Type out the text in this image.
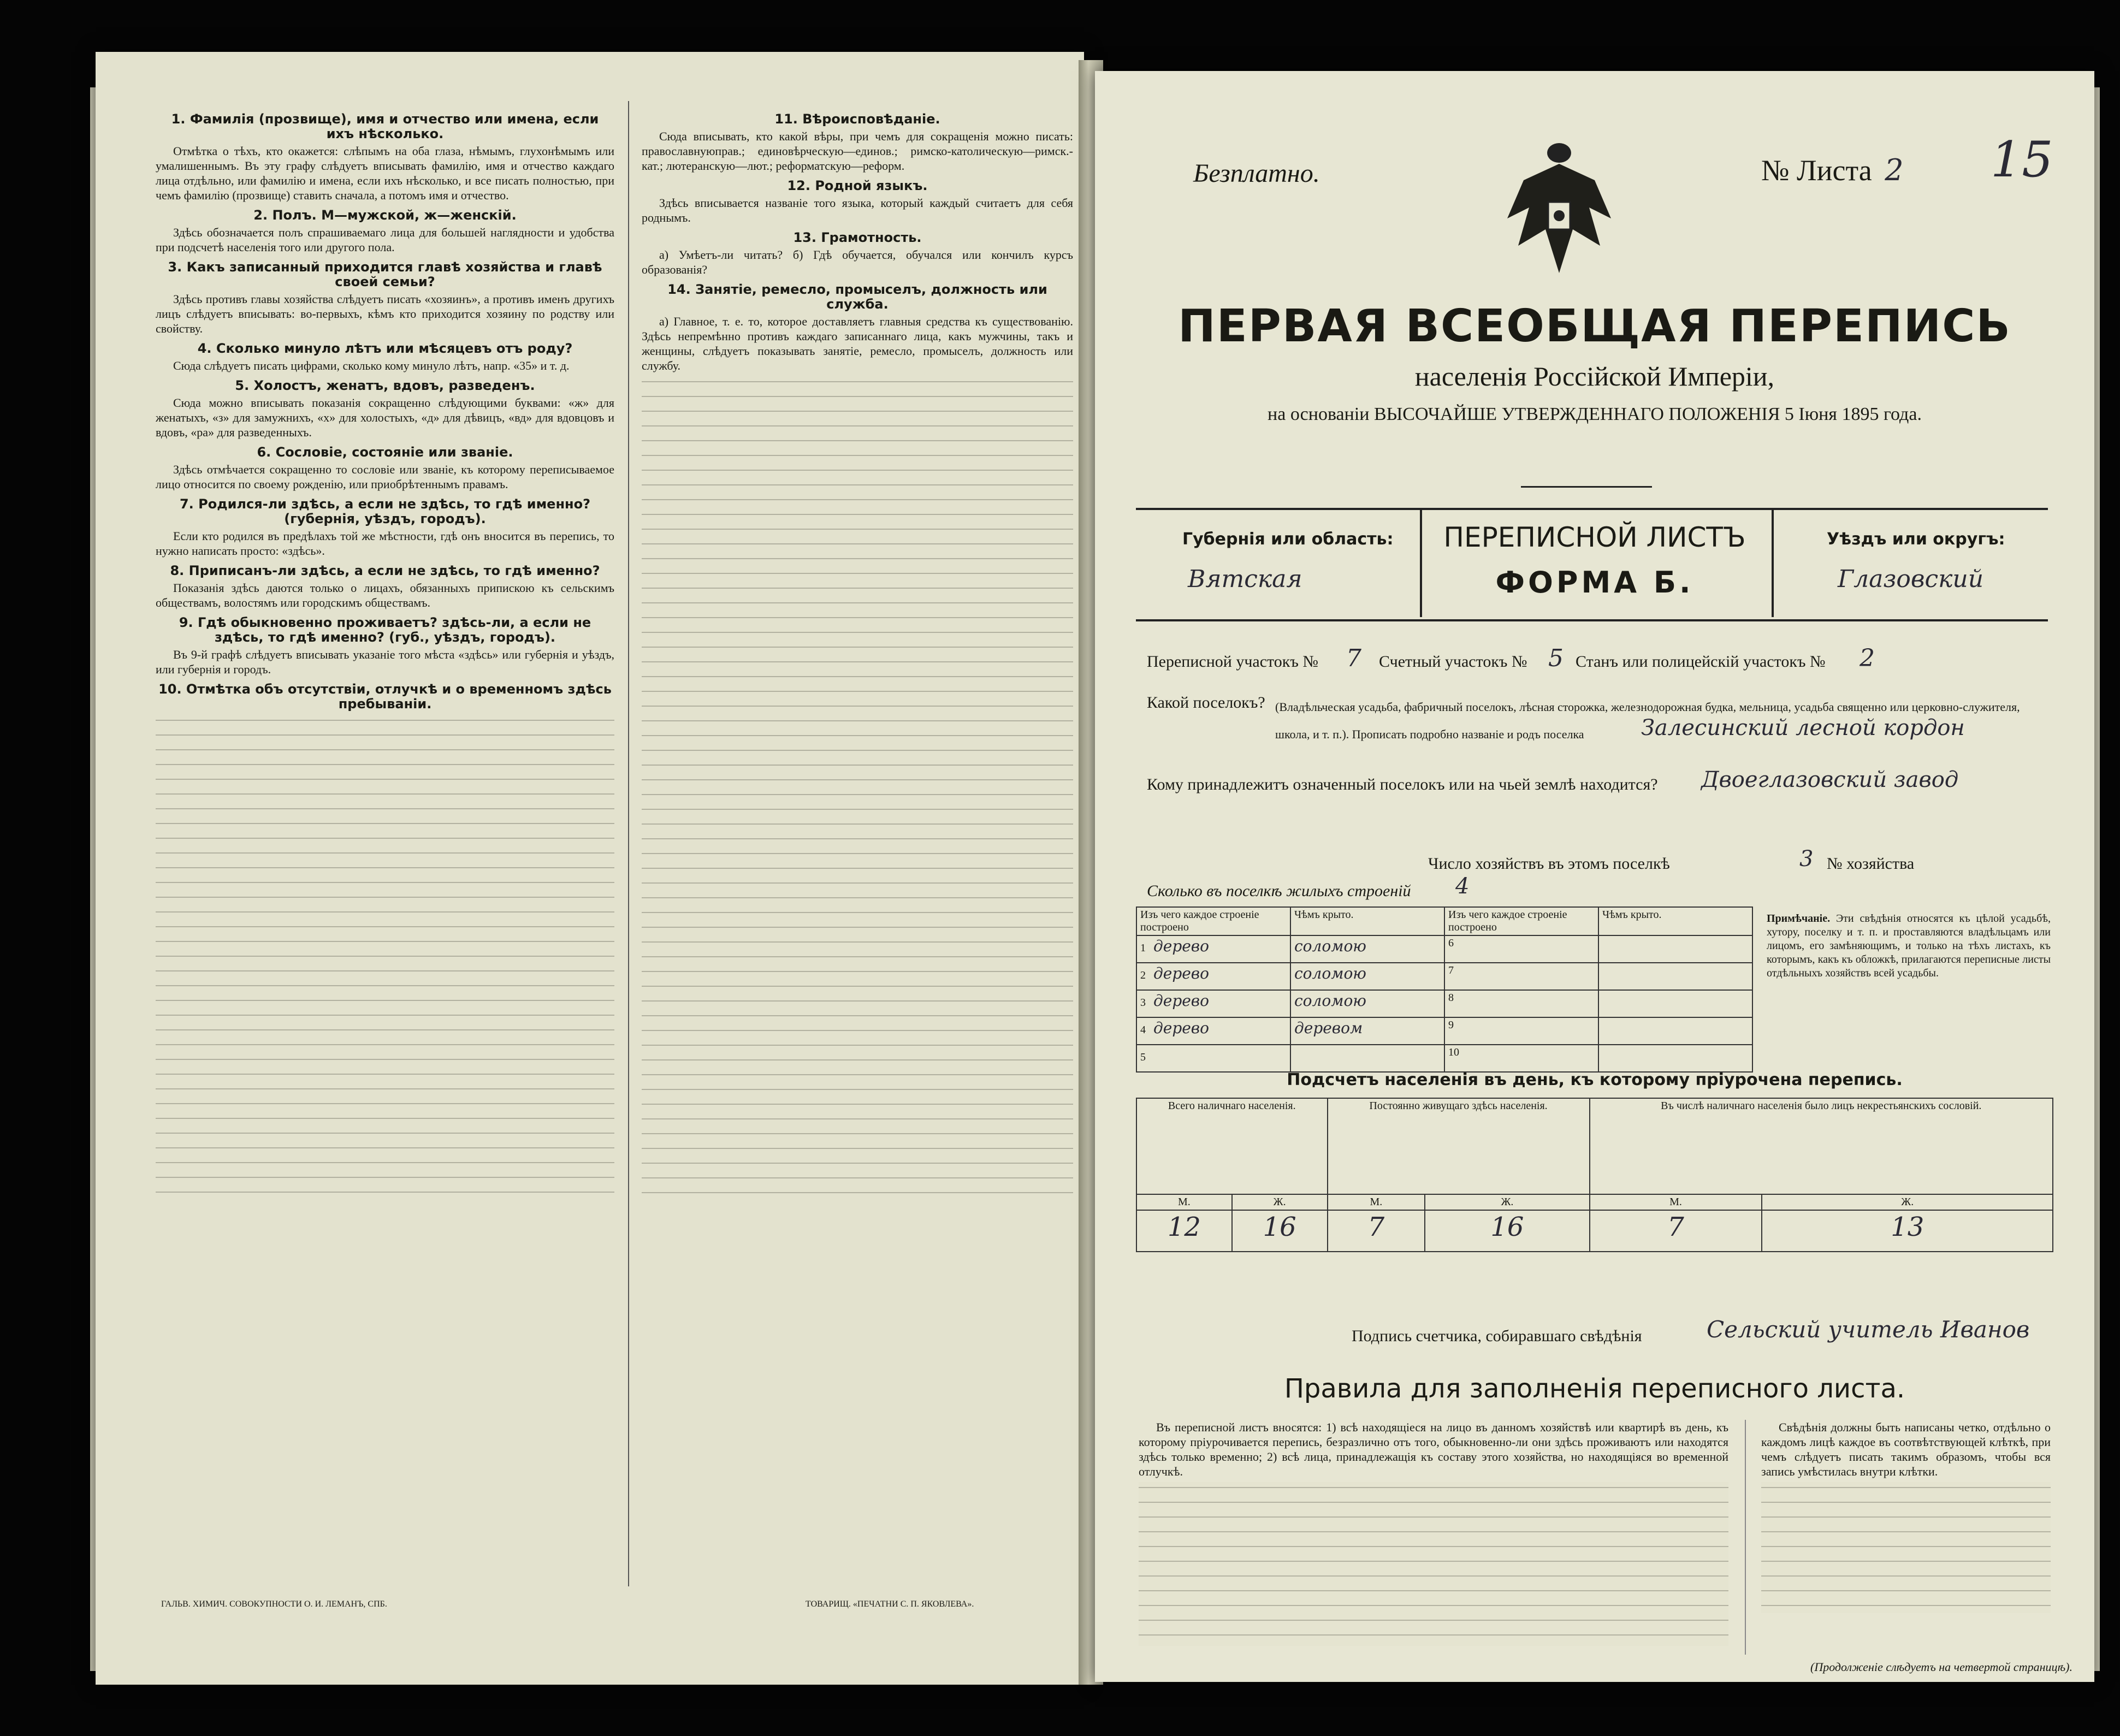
1. Фамилія (прозвище), имя и отчество или имена, если ихъ нѣсколько.

Отмѣтка о тѣхъ, кто окажется: слѣпымъ на оба глаза, нѣмымъ, глухонѣмымъ или умалишеннымъ. Въ эту графу слѣдуетъ вписывать фамилію, имя и отчество каждаго лица отдѣльно, или фамилію и имена, если ихъ нѣсколько, и все писать полностью, при чемъ фамилію (прозвище) ставить сначала, а потомъ имя и отчество.

2. Полъ. М—мужской, ж—женскій.

Здѣсь обозначается полъ спрашиваемаго лица для большей наглядности и удобства при подсчетѣ населенія того или другого пола.

3. Какъ записанный приходится главѣ хозяйства и главѣ своей семьи?

Здѣсь противъ главы хозяйства слѣдуетъ писать «хозяинъ», а противъ именъ другихъ лицъ слѣдуетъ вписывать: во-первыхъ, кѣмъ кто приходится хозяину по родству или свойству.

4. Сколько минуло лѣтъ или мѣсяцевъ отъ роду?

Сюда слѣдуетъ писать цифрами, сколько кому минуло лѣтъ, напр. «35» и т. д.

5. Холостъ, женатъ, вдовъ, разведенъ.

Сюда можно вписывать показанія сокращенно слѣдующими буквами: «ж» для женатыхъ, «з» для замужнихъ, «х» для холостыхъ, «д» для дѣвицъ, «вд» для вдовцовъ и вдовъ, «ра» для разведенныхъ.

6. Сословіе, состояніе или званіе.

Здѣсь отмѣчается сокращенно то сословіе или званіе, къ которому переписываемое лицо относится по своему рожденію, или приобрѣтеннымъ правамъ.

7. Родился-ли здѣсь, а если не здѣсь, то гдѣ именно? (губернія, уѣздъ, городъ).

Если кто родился въ предѣлахъ той же мѣстности, гдѣ онъ вносится въ перепись, то нужно написать просто: «здѣсь».

8. Приписанъ-ли здѣсь, а если не здѣсь, то гдѣ именно?

Показанія здѣсь даются только о лицахъ, обязанныхъ припискою къ сельскимъ обществамъ, волостямъ или городскимъ обществамъ.

9. Гдѣ обыкновенно проживаетъ? здѣсь-ли, а если не здѣсь, то гдѣ именно? (губ., уѣздъ, городъ).

Въ 9-й графѣ слѣдуетъ вписывать указаніе того мѣста «здѣсь» или губернія и уѣздъ, или губернія и городъ.

10. Отмѣтка объ отсутствіи, отлучкѣ и о временномъ здѣсь пребываніи.

11. Вѣроисповѣданіе.

Сюда вписывать, кто какой вѣры, при чемъ для сокращенія можно писать: православнуюправ.; единовѣрческую—единов.; римско-католическую—римск.-кат.; лютеранскую—лют.; реформатскую—реформ.

12. Родной языкъ.

Здѣсь вписывается названіе того языка, который каждый считаетъ для себя роднымъ.

13. Грамотность.

а) Умѣетъ-ли читать? б) Гдѣ обучается, обучался или кончилъ курсъ образованія?

14. Занятіе, ремесло, промыселъ, должность или служба.

а) Главное, т. е. то, которое доставляетъ главныя средства къ существованію. Здѣсь непремѣнно противъ каждаго записаннаго лица, какъ мужчины, такъ и женщины, слѣдуетъ показывать занятіе, ремесло, промыселъ, должность или службу.

ГАЛЬВ. ХИМИЧ. СОВОКУПНОСТИ О. И. ЛЕМАНЪ, СПБ.	ТОВАРИЩ. «ПЕЧАТНИ С. П. ЯКОВЛЕВА».
Безплатно.	№ Листа 2 15
ПЕРВАЯ ВСЕОБЩАЯ ПЕРЕПИСЬ
населенія Россійской Имперіи,
на основаніи ВЫСОЧАЙШЕ УТВЕРЖДЕННАГО ПОЛОЖЕНІЯ 5 Іюня 1895 года.
Губернія или область:
Вятская
ПЕРЕПИСНОЙ ЛИСТЪ
ФОРМА Б.
Уѣздъ или округъ:
Глазовский
Переписной участокъ № 7 Счетный участокъ № 5 Станъ или полицейскій участокъ № 2
Какой поселокъ? (Владѣльческая усадьба, фабричный поселокъ, лѣсная сторожка, железнодорожная будка, мельница, усадьба священно или церковно-служителя, школа, и т. п.). Прописать подробно названіе и родъ поселка	Залесинский лесной кордон
Кому принадлежитъ означенный поселокъ или на чьей землѣ находится? Двоеглазовский завод
Число хозяйствъ въ этомъ поселкѣ	3 № хозяйства
Сколько въ поселкѣ жилыхъ строеній 4
Изъ чего каждое строеніе построено	Чѣмъ крыто.	Изъ чего каждое строеніе построено	Чѣмъ крыто.
1 дерево	соломою	6	
2 дерево	соломою	7	
3 дерево	соломою	8	
4 дерево	деревом	9	
5		10	
Примѣчаніе. Эти свѣдѣнія относятся къ цѣлой усадьбѣ, хутору, поселку и т. п. и проставляются владѣльцамъ или лицомъ, его замѣняющимъ, и только на тѣхъ листахъ, къ которымъ, какъ къ обложкѣ, прилагаются переписные листы отдѣльныхъ хозяйствъ всей усадьбы.
Подсчетъ населенія въ день, къ которому пріурочена перепись.
Всего наличнаго населенія.		Постоянно живущаго здѣсь населенія.		Въ числѣ наличнаго населенія было лицъ некрестьянскихъ сословій.	
М.	Ж.	М.	Ж.	М.	Ж.
12	16	7	16	7	13
Подпись счетчика, собиравшаго свѣдѣнія	Сельский учитель Иванов
Правила для заполненія переписного листа.

Въ переписной листъ вносятся: 1) всѣ находящіеся на лицо въ данномъ хозяйствѣ или квартирѣ въ день, къ которому пріурочивается перепись, безразлично отъ того, обыкновенно-ли они здѣсь проживаютъ или находятся здѣсь только временно; 2) всѣ лица, принадлежащія къ составу этого хозяйства, но находящіяся во временной отлучкѣ.

Свѣдѣнія должны быть написаны четко, отдѣльно о каждомъ лицѣ каждое въ соотвѣтствующей клѣткѣ, при чемъ слѣдуетъ писать такимъ образомъ, чтобы вся запись умѣстилась внутри клѣтки.

(Продолженіе слѣдуетъ на четвертой страницѣ).
